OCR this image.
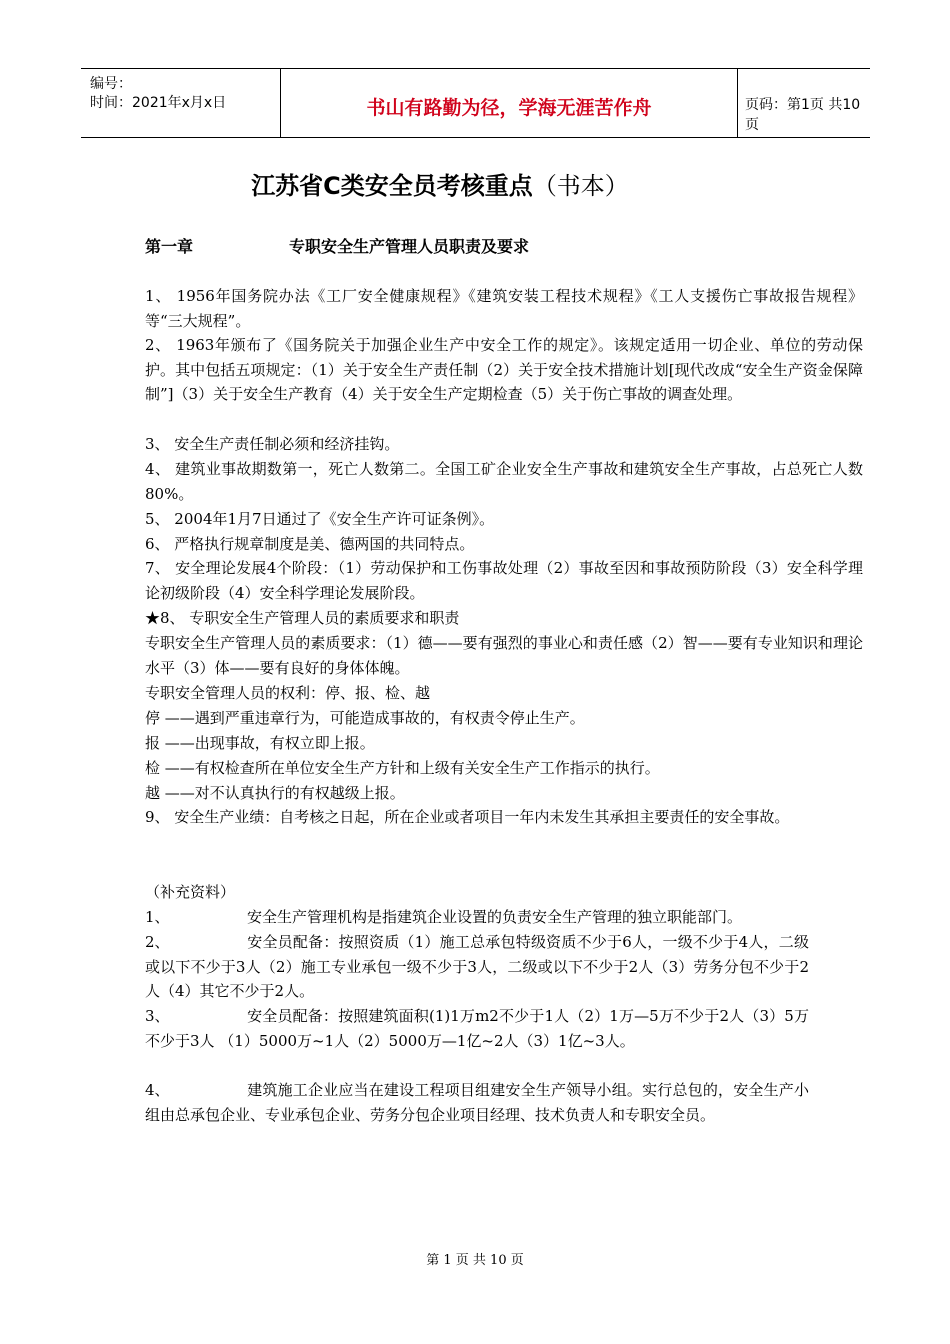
编号：
时间：2021年x月x日	书山有路勤为径，学海无涯苦作舟	页码：第1页 共10页
江苏省C类安全员考核重点（书本）
第一章	专职安全生产管理人员职责及要求
1、 1956年国务院办法《工厂安全健康规程》《建筑安装工程技术规程》《工人支援伤亡事故报告规程》等“三大规程”。
2、 1963年颁布了《国务院关于加强企业生产中安全工作的规定》。该规定适用一切企业、单位的劳动保护。其中包括五项规定：（1）关于安全生产责任制（2）关于安全技术措施计划[现代改成“安全生产资金保障制”]（3）关于安全生产教育（4）关于安全生产定期检查（5）关于伤亡事故的调查处理。
3、 安全生产责任制必须和经济挂钩。
4、 建筑业事故期数第一，死亡人数第二。全国工矿企业安全生产事故和建筑安全生产事故，占总死亡人数80%。
5、 2004年1月7日通过了《安全生产许可证条例》。
6、 严格执行规章制度是美、德两国的共同特点。
7、 安全理论发展4个阶段：（1）劳动保护和工伤事故处理（2）事故至因和事故预防阶段（3）安全科学理论初级阶段（4）安全科学理论发展阶段。
★8、 专职安全生产管理人员的素质要求和职责
专职安全生产管理人员的素质要求：（1）德——要有强烈的事业心和责任感（2）智——要有专业知识和理论水平（3）体——要有良好的身体体魄。
专职安全管理人员的权利：停、报、检、越
停 ——遇到严重违章行为，可能造成事故的，有权责令停止生产。
报 ——出现事故，有权立即上报。
检 ——有权检查所在单位安全生产方针和上级有关安全生产工作指示的执行。
越 ——对不认真执行的有权越级上报。
9、 安全生产业绩：自考核之日起，所在企业或者项目一年内未发生其承担主要责任的安全事故。
（补充资料）
1、	安全生产管理机构是指建筑企业设置的负责安全生产管理的独立职能部门。
2、	安全员配备：按照资质（1）施工总承包特级资质不少于6人，一级不少于4人，二级或以下不少于3人（2）施工专业承包一级不少于3人，二级或以下不少于2人（3）劳务分包不少于2人（4）其它不少于2人。
3、	安全员配备：按照建筑面积(1)1万m2不少于1人（2）1万—5万不少于2人（3）5万不少于3人 （1）5000万~1人（2）5000万—1亿~2人（3）1亿~3人。
4、	建筑施工企业应当在建设工程项目组建安全生产领导小组。实行总包的，安全生产小组由总承包企业、专业承包企业、劳务分包企业项目经理、技术负责人和专职安全员。
第 1 页 共 10 页
